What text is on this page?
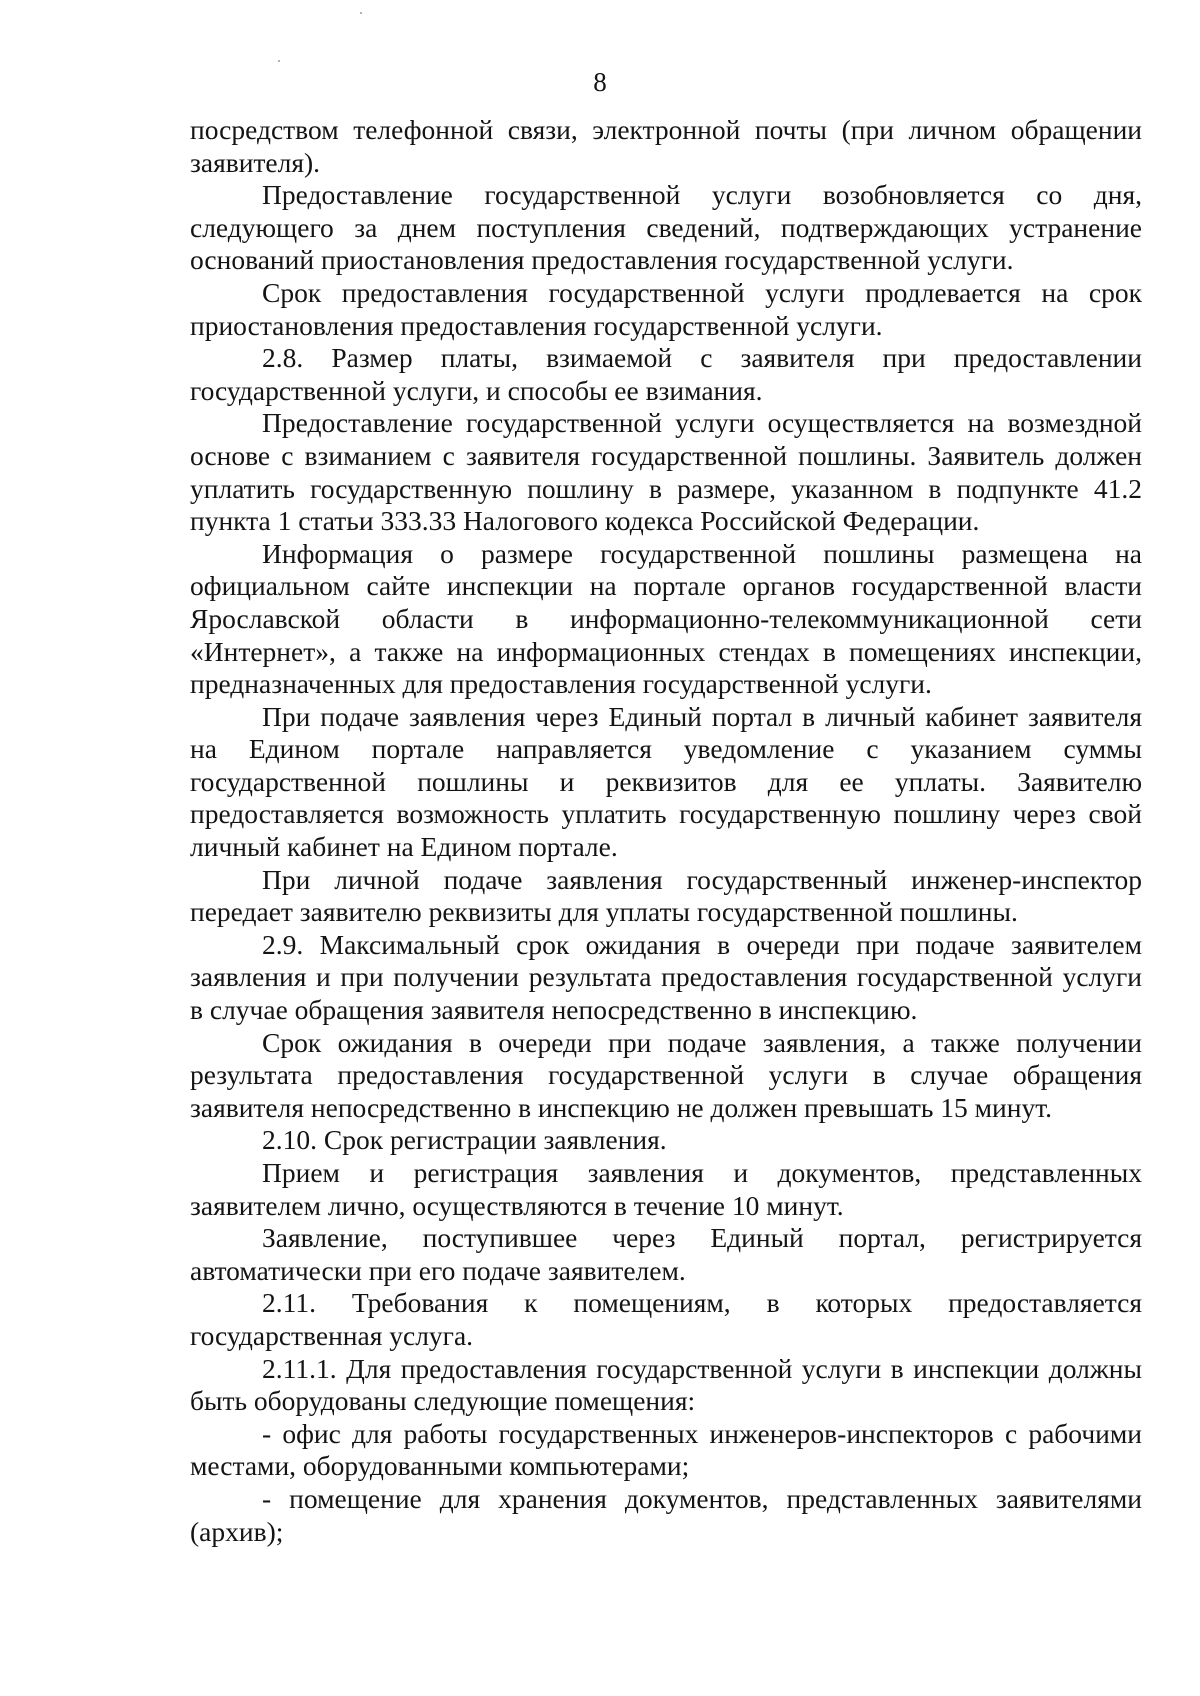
8

посредством телефонной связи, электронной почты (при личном обращении заявителя).

Предоставление государственной услуги возобновляется со дня, следующего за днем поступления сведений, подтверждающих устранение оснований приостановления предоставления государственной услуги.

Срок предоставления государственной услуги продлевается на срок приостановления предоставления государственной услуги.

2.8. Размер платы, взимаемой с заявителя при предоставлении государственной услуги, и способы ее взимания.

Предоставление государственной услуги осуществляется на возмездной основе с взиманием с заявителя государственной пошлины. Заявитель должен уплатить государственную пошлину в размере, указанном в подпункте 41.2 пункта 1 статьи 333.33 Налогового кодекса Российской Федерации.

Информация о размере государственной пошлины размещена на официальном сайте инспекции на портале органов государственной власти Ярославской области в информационно-телекоммуникационной сети «Интернет», а также на информационных стендах в помещениях инспекции, предназначенных для предоставления государственной услуги.

При подаче заявления через Единый портал в личный кабинет заявителя на Едином портале направляется уведомление с указанием суммы государственной пошлины и реквизитов для ее уплаты. Заявителю предоставляется возможность уплатить государственную пошлину через свой личный кабинет на Едином портале.

При личной подаче заявления государственный инженер-инспектор передает заявителю реквизиты для уплаты государственной пошлины.

2.9. Максимальный срок ожидания в очереди при подаче заявителем заявления и при получении результата предоставления государственной услуги в случае обращения заявителя непосредственно в инспекцию.

Срок ожидания в очереди при подаче заявления, а также получении результата предоставления государственной услуги в случае обращения заявителя непосредственно в инспекцию не должен превышать 15 минут.

2.10. Срок регистрации заявления.

Прием и регистрация заявления и документов, представленных заявителем лично, осуществляются в течение 10 минут.

Заявление, поступившее через Единый портал, регистрируется автоматически при его подаче заявителем.

2.11. Требования к помещениям, в которых предоставляется государственная услуга.

2.11.1. Для предоставления государственной услуги в инспекции должны быть оборудованы следующие помещения:

- офис для работы государственных инженеров-инспекторов с рабочими местами, оборудованными компьютерами;

- помещение для хранения документов, представленных заявителями (архив);
